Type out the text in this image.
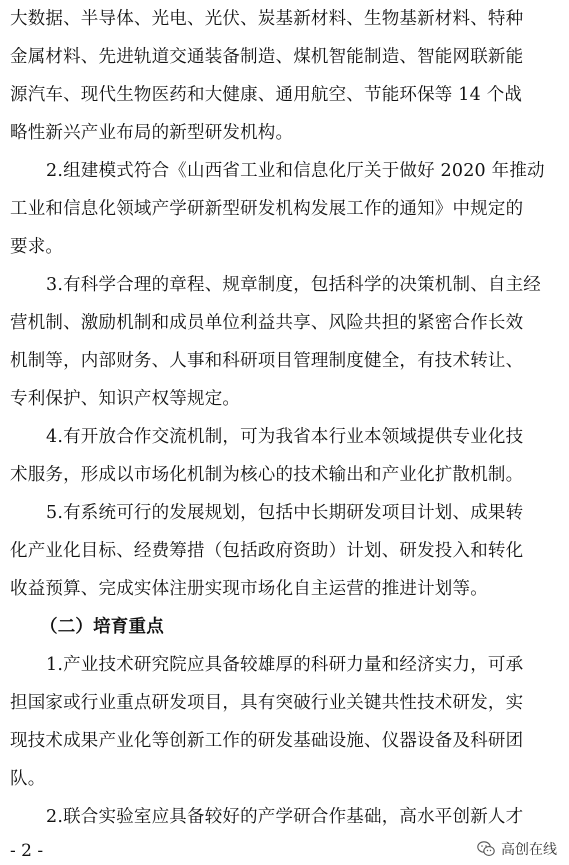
大数据、半导体、光电、光伏、炭基新材料、生物基新材料、特种
金属材料、先进轨道交通装备制造、煤机智能制造、智能网联新能
源汽车、现代生物医药和大健康、通用航空、节能环保等 14 个战
略性新兴产业布局的新型研发机构。
2.组建模式符合《山西省工业和信息化厅关于做好 2020 年推动
工业和信息化领域产学研新型研发机构发展工作的通知》中规定的
要求。
3.有科学合理的章程、规章制度，包括科学的决策机制、自主经
营机制、激励机制和成员单位利益共享、风险共担的紧密合作长效
机制等，内部财务、人事和科研项目管理制度健全，有技术转让、
专利保护、知识产权等规定。
4.有开放合作交流机制，可为我省本行业本领域提供专业化技
术服务，形成以市场化机制为核心的技术输出和产业化扩散机制。
5.有系统可行的发展规划，包括中长期研发项目计划、成果转
化产业化目标、经费筹措（包括政府资助）计划、研发投入和转化
收益预算、完成实体注册实现市场化自主运营的推进计划等。
（二）培育重点
1.产业技术研究院应具备较雄厚的科研力量和经济实力，可承
担国家或行业重点研发项目，具有突破行业关键共性技术研发，实
现技术成果产业化等创新工作的研发基础设施、仪器设备及科研团
队。
2.联合实验室应具备较好的产学研合作基础，高水平创新人才
- 2 -	高创在线
